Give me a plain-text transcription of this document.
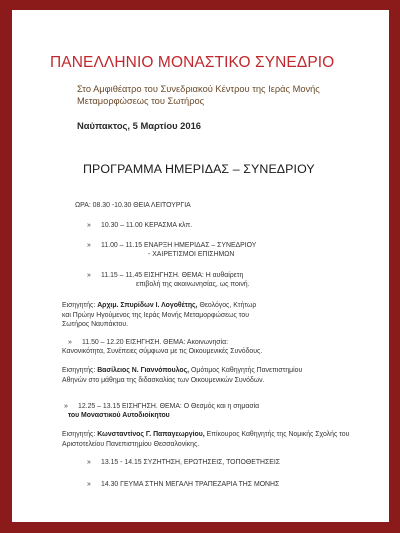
ΠΑΝΕΛΛΗΝΙΟ ΜΟΝΑΣΤΙΚΟ ΣΥΝΕΔΡΙΟ
Στο Αμφιθέατρο του Συνεδριακού Κέντρου της Ιεράς Μονής Μεταμορφώσεως του Σωτήρος
Ναύπακτος, 5 Μαρτίου 2016
ΠΡΟΓΡΑΜΜΑ ΗΜΕΡΙΔΑΣ – ΣΥΝΕΔΡΙΟΥ
ΩΡΑ: 08.30 -10.30 ΘΕΙΑ ΛΕΙΤΟΥΡΓΙΑ
» 10.30 – 11.00 ΚΕΡΑΣΜΑ κλπ.
» 11.00 – 11.15 ΕΝΑΡΞΗ ΗΜΕΡΙΔΑΣ – ΣΥΝΕΔΡΙΟΥ
- ΧΑΙΡΕΤΙΣΜΟΙ ΕΠΙΣΗΜΩΝ
» 11.15 – 11.45 ΕΙΣΗΓΗΣΗ. ΘΕΜΑ: Η αυθαίρετη
επιβολή της ακοινωνησίας, ως ποινή.
Εισηγητής: Αρχιμ. Σπυρίδων Ι. Λογοθέτης, Θεολόγος, Κτήτωρ και Πρώην Ηγούμενος της Ιεράς Μονής Μεταμορφώσεως του Σωτήρος Ναυπάκτου.
» 11.50 – 12.20 ΕΙΣΗΓΗΣΗ. ΘΕΜΑ: Ακοινωνησία:
Κανονικότητα, Συνέπειες σύμφωνα με τις Οικουμενικές Συνόδους.
Εισηγητής: Βασίλειος Ν. Γιαννόπουλος, Ομότιμος Καθηγητής Πανεπιστημίου Αθηνών στο μάθημα της διδασκαλίας των Οικουμενικών Συνόδων.
» 12.25 – 13.15 ΕΙΣΗΓΗΣΗ. ΘΕΜΑ: Ο Θεσμός και η σημασία
του Μοναστικού Αυτοδιοίκητου
Εισηγητής: Κωνσταντίνος Γ. Παπαγεωργίου, Επίκουρος Καθηγητής της Νομικής Σχολής του Αριστοτελείου Πανεπιστημίου Θεσσαλονίκης.
» 13.15 - 14.15 ΣΥΖΗΤΗΣΗ, ΕΡΩΤΗΣΕΙΣ, ΤΟΠΟΘΕΤΗΣΕΙΣ
» 14.30 ΓΕΥΜΑ ΣΤΗΝ ΜΕΓΑΛΗ ΤΡΑΠΕΖΑΡΙΑ ΤΗΣ ΜΟΝΗΣ
